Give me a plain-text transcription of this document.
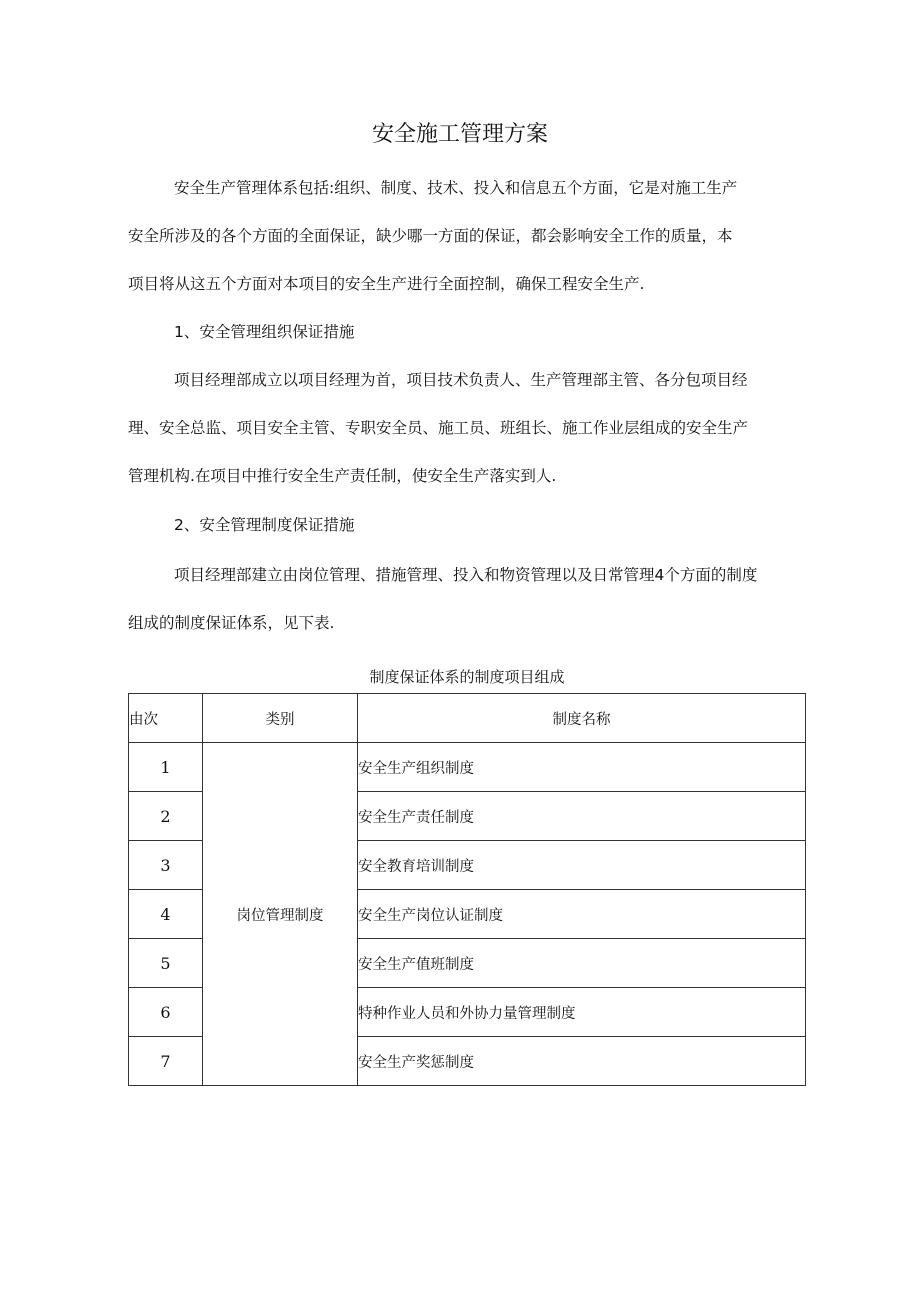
安全施工管理方案

安全生产管理体系包括:组织、制度、技术、投入和信息五个方面，它是对施工生产
安全所涉及的各个方面的全面保证，缺少哪一方面的保证，都会影响安全工作的质量，本
项目将从这五个方面对本项目的安全生产进行全面控制，确保工程安全生产.

1、安全管理组织保证措施

项目经理部成立以项目经理为首，项目技术负责人、生产管理部主管、各分包项目经
理、安全总监、项目安全主管、专职安全员、施工员、班组长、施工作业层组成的安全生产
管理机构.在项目中推行安全生产责任制，使安全生产落实到人.

2、安全管理制度保证措施

项目经理部建立由岗位管理、措施管理、投入和物资管理以及日常管理4个方面的制度
组成的制度保证体系，见下表.

制度保证体系的制度项目组成
由次	类别	制度名称
1	岗位管理制度	安全生产组织制度
2		安全生产责任制度
3		安全教育培训制度
4		安全生产岗位认证制度
5		安全生产值班制度
6		特种作业人员和外协力量管理制度
7		安全生产奖惩制度
